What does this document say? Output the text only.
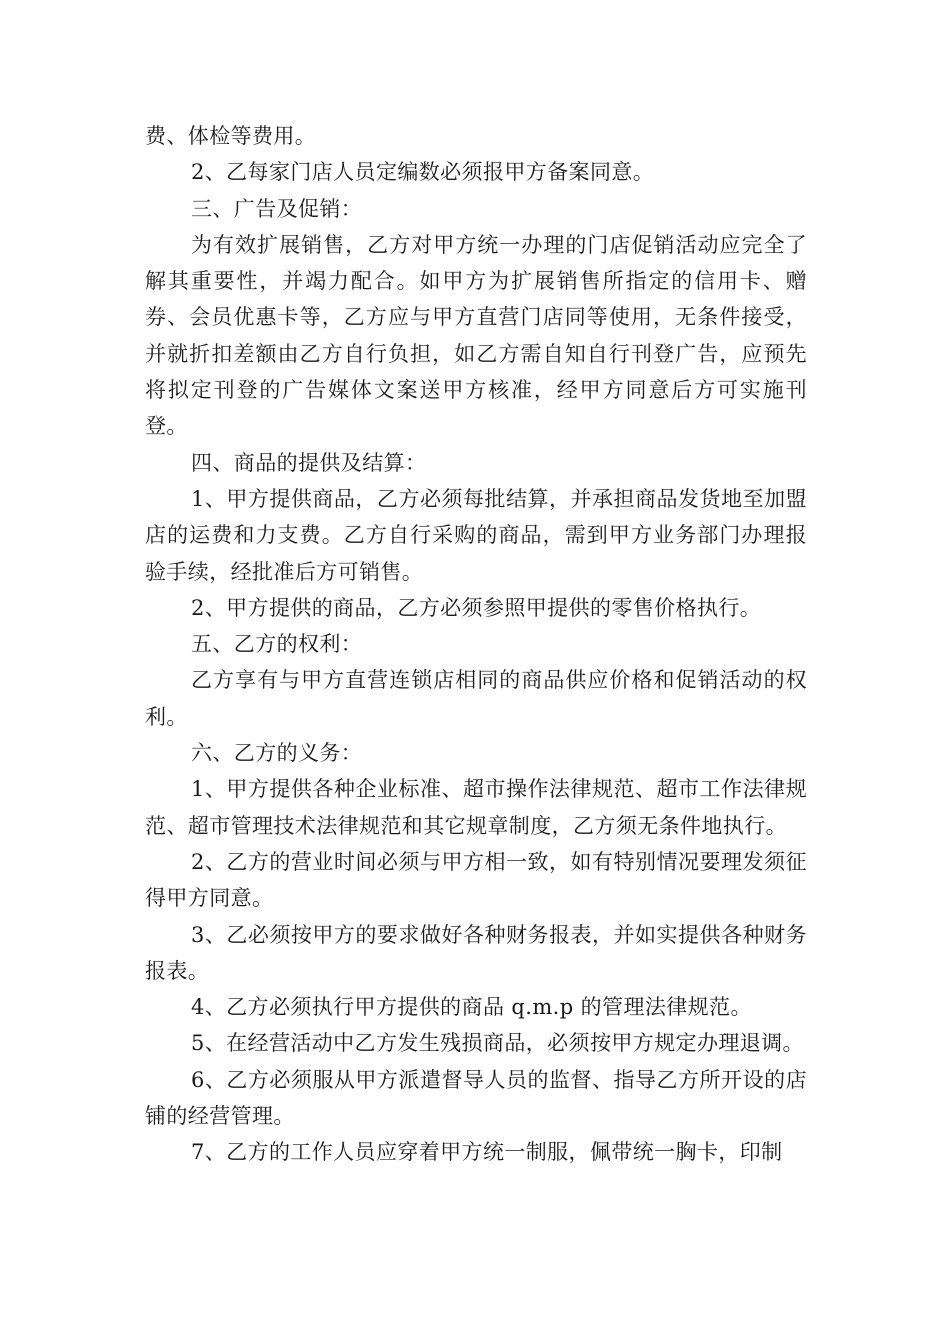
费、体检等费用。

2、乙每家门店人员定编数必须报甲方备案同意。

三、广告及促销：

为有效扩展销售，乙方对甲方统一办理的门店促销活动应完全了解其重要性，并竭力配合。如甲方为扩展销售所指定的信用卡、赠券、会员优惠卡等，乙方应与甲方直营门店同等使用，无条件接受，并就折扣差额由乙方自行负担，如乙方需自知自行刊登广告，应预先将拟定刊登的广告媒体文案送甲方核准，经甲方同意后方可实施刊登。

四、商品的提供及结算：

1、甲方提供商品，乙方必须每批结算，并承担商品发货地至加盟店的运费和力支费。乙方自行采购的商品，需到甲方业务部门办理报验手续，经批准后方可销售。

2、甲方提供的商品，乙方必须参照甲提供的零售价格执行。

五、乙方的权利：

乙方享有与甲方直营连锁店相同的商品供应价格和促销活动的权利。

六、乙方的义务：

1、甲方提供各种企业标准、超市操作法律规范、超市工作法律规范、超市管理技术法律规范和其它规章制度，乙方须无条件地执行。

2、乙方的营业时间必须与甲方相一致，如有特别情况要理发须征得甲方同意。

3、乙必须按甲方的要求做好各种财务报表，并如实提供各种财务报表。

4、乙方必须执行甲方提供的商品 q.m.p 的管理法律规范。

5、在经营活动中乙方发生残损商品，必须按甲方规定办理退调。

6、乙方必须服从甲方派遣督导人员的监督、指导乙方所开设的店铺的经营管理。

7、乙方的工作人员应穿着甲方统一制服，佩带统一胸卡，印制
